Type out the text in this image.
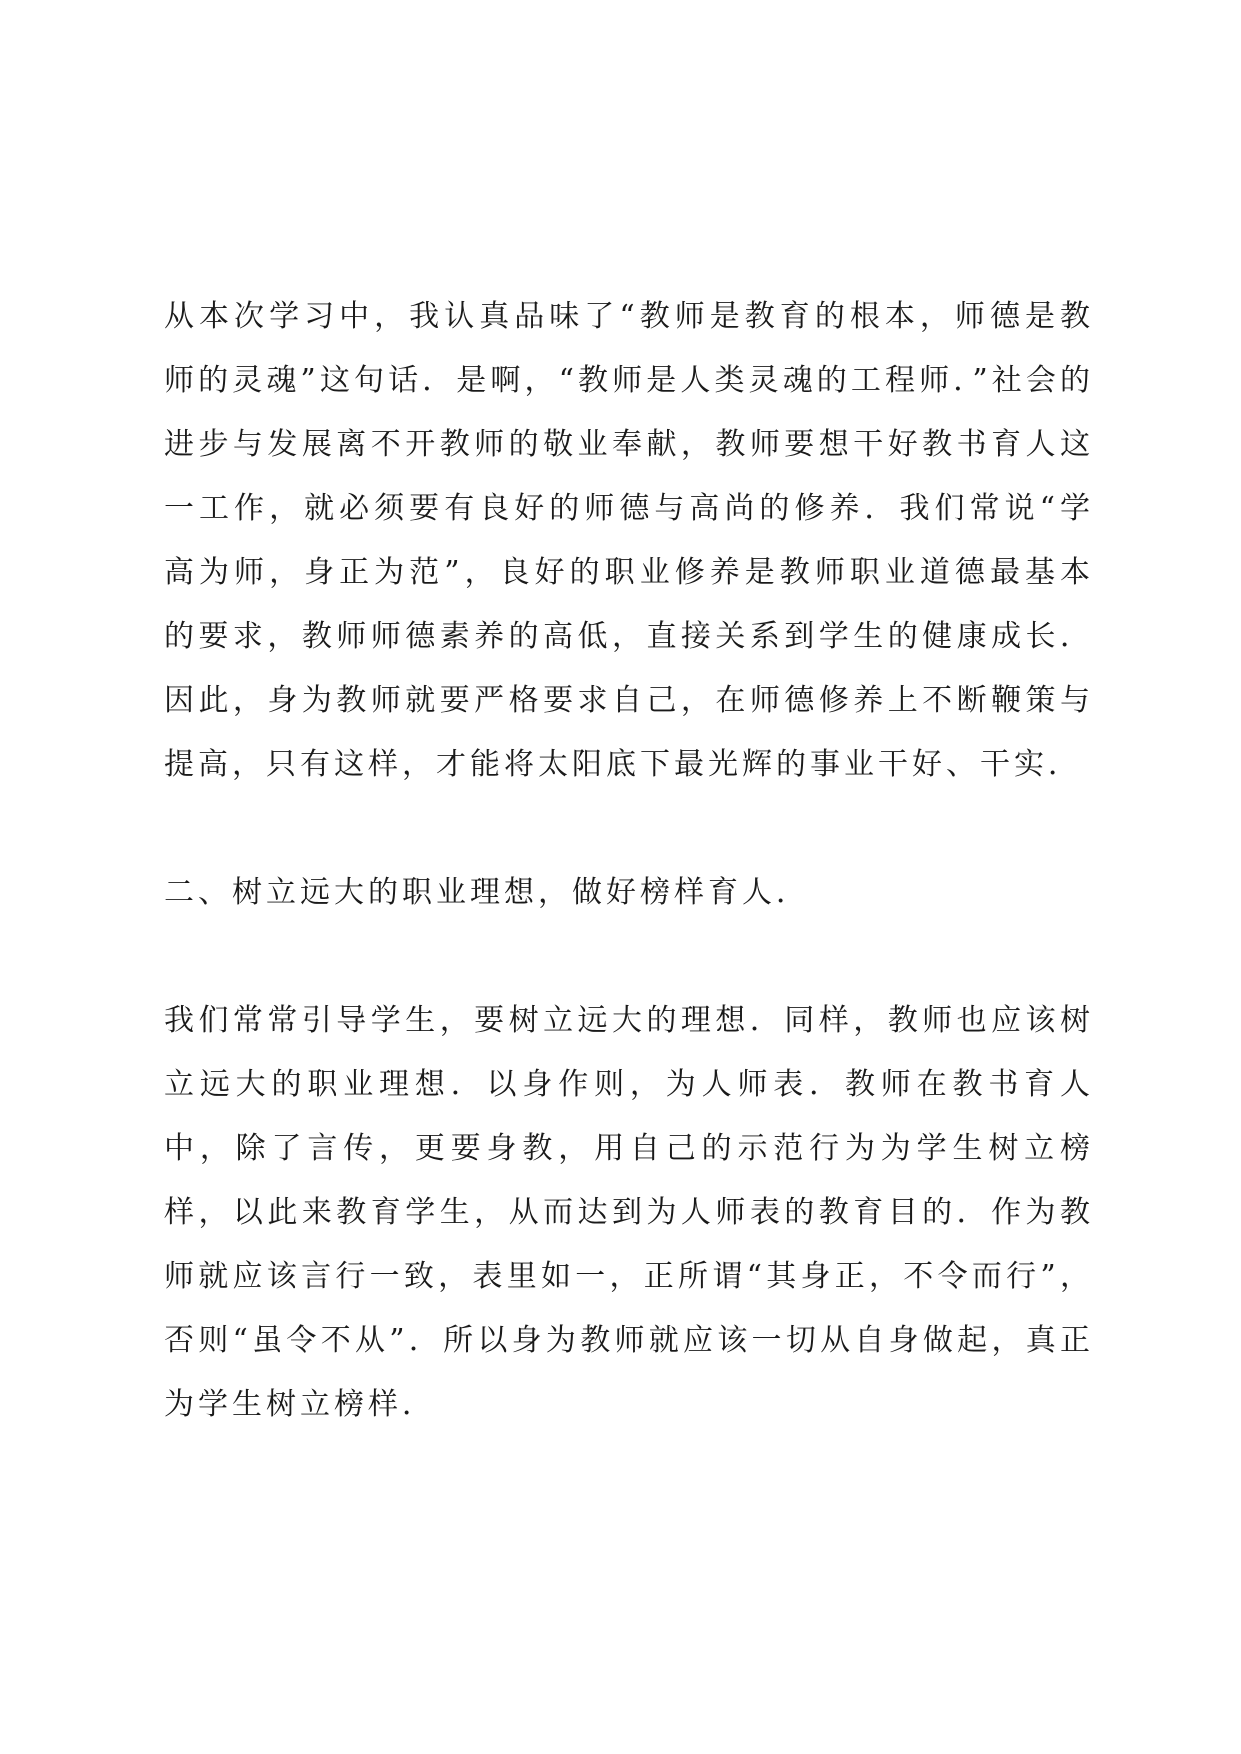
从本次学习中，我认真品味了“教师是教育的根本，师德是教师的灵魂”这句话．是啊，“教师是人类灵魂的工程师．”社会的进步与发展离不开教师的敬业奉献，教师要想干好教书育人这一工作，就必须要有良好的师德与高尚的修养．我们常说“学高为师，身正为范”，良好的职业修养是教师职业道德最基本的要求，教师师德素养的高低，直接关系到学生的健康成长．因此，身为教师就要严格要求自己，在师德修养上不断鞭策与提高，只有这样，才能将太阳底下最光辉的事业干好、干实．

二、树立远大的职业理想，做好榜样育人．

我们常常引导学生，要树立远大的理想．同样，教师也应该树立远大的职业理想．以身作则，为人师表．教师在教书育人中，除了言传，更要身教，用自己的示范行为为学生树立榜样，以此来教育学生，从而达到为人师表的教育目的．作为教师就应该言行一致，表里如一，正所谓“其身正，不令而行”，否则“虽令不从”．所以身为教师就应该一切从自身做起，真正为学生树立榜样．
